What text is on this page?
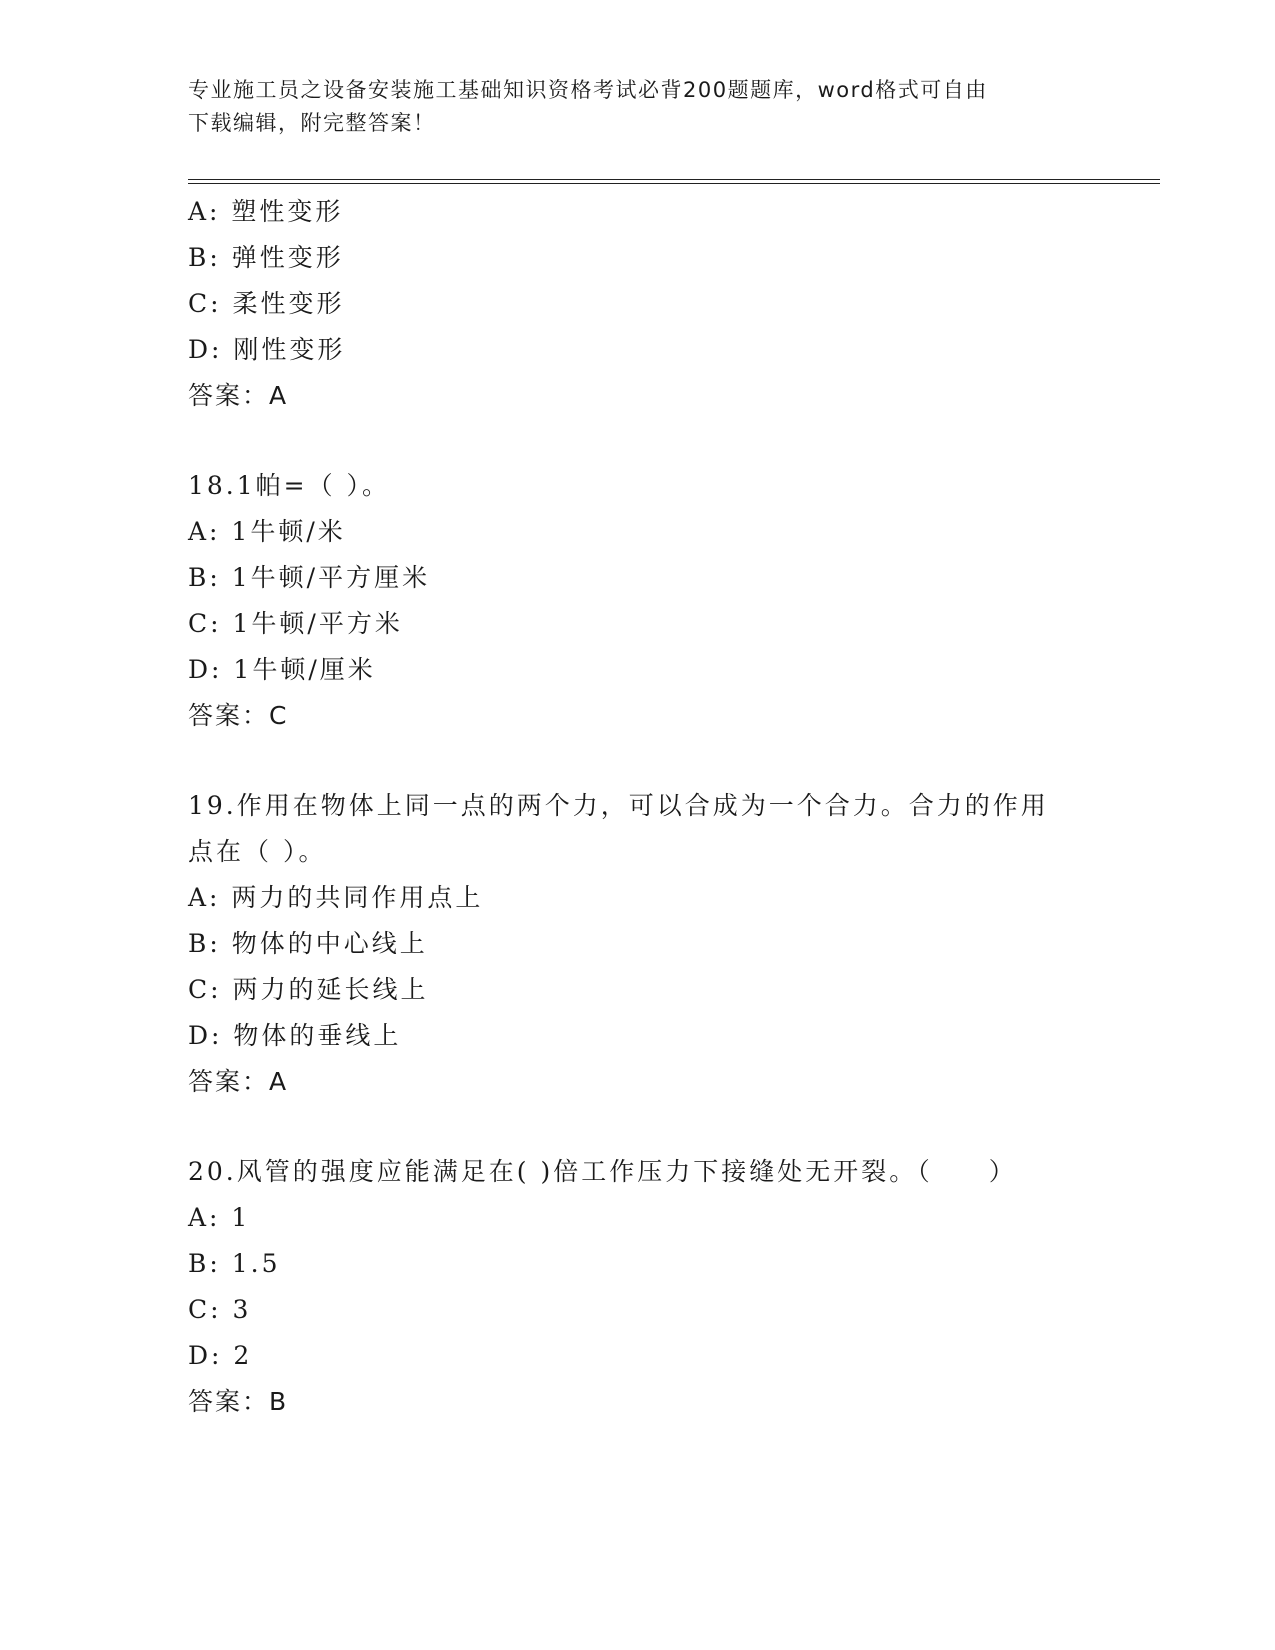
专业施工员之设备安装施工基础知识资格考试必背200题题库，word格式可自由
下载编辑，附完整答案！
A: 塑性变形
B: 弹性变形
C: 柔性变形
D: 刚性变形
答案：A
18.1帕=（ ）。
A: 1牛顿/米
B: 1牛顿/平方厘米
C: 1牛顿/平方米
D: 1牛顿/厘米
答案：C
19.作用在物体上同一点的两个力，可以合成为一个合力。合力的作用
点在（ ）。
A: 两力的共同作用点上
B: 物体的中心线上
C: 两力的延长线上
D: 物体的垂线上
答案：A
20.风管的强度应能满足在( )倍工作压力下接缝处无开裂。（　　）
A: 1
B: 1.5
C: 3
D: 2
答案：B
